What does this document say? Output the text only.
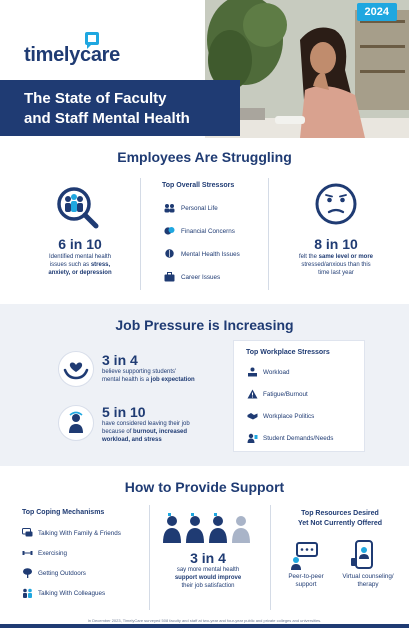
timelycare
2024
The State of Faculty
and Staff Mental Health
Employees Are Struggling
6 in 10
Identified mental health
issues such as stress,
anxiety, or depression
Top Overall Stressors
Personal Life
Financial Concerns
Mental Health Issues
Career Issues
8 in 10
felt the same level or more
stressed/anxious than this
time last year
Job Pressure is Increasing
3 in 4
believe supporting students'
mental health is a job expectation
5 in 10
have considered leaving their job
because of burnout, increased
workload, and stress
Top Workplace Stressors
Workload
Fatigue/Burnout
Workplace Politics
Student Demands/Needs
How to Provide Support
Top Coping Mechanisms
Talking With Family & Friends
Exercising
Getting Outdoors
Talking With Colleagues
3 in 4
say more mental health
support would improve
their job satisfaction
Top Resources Desired
Yet Not Currently Offered
Peer-to-peer
support
Virtual counseling/
therapy
In December 2023, TimelyCare surveyed 508 faculty and staff at two-year and four-year public and private colleges and universities.
